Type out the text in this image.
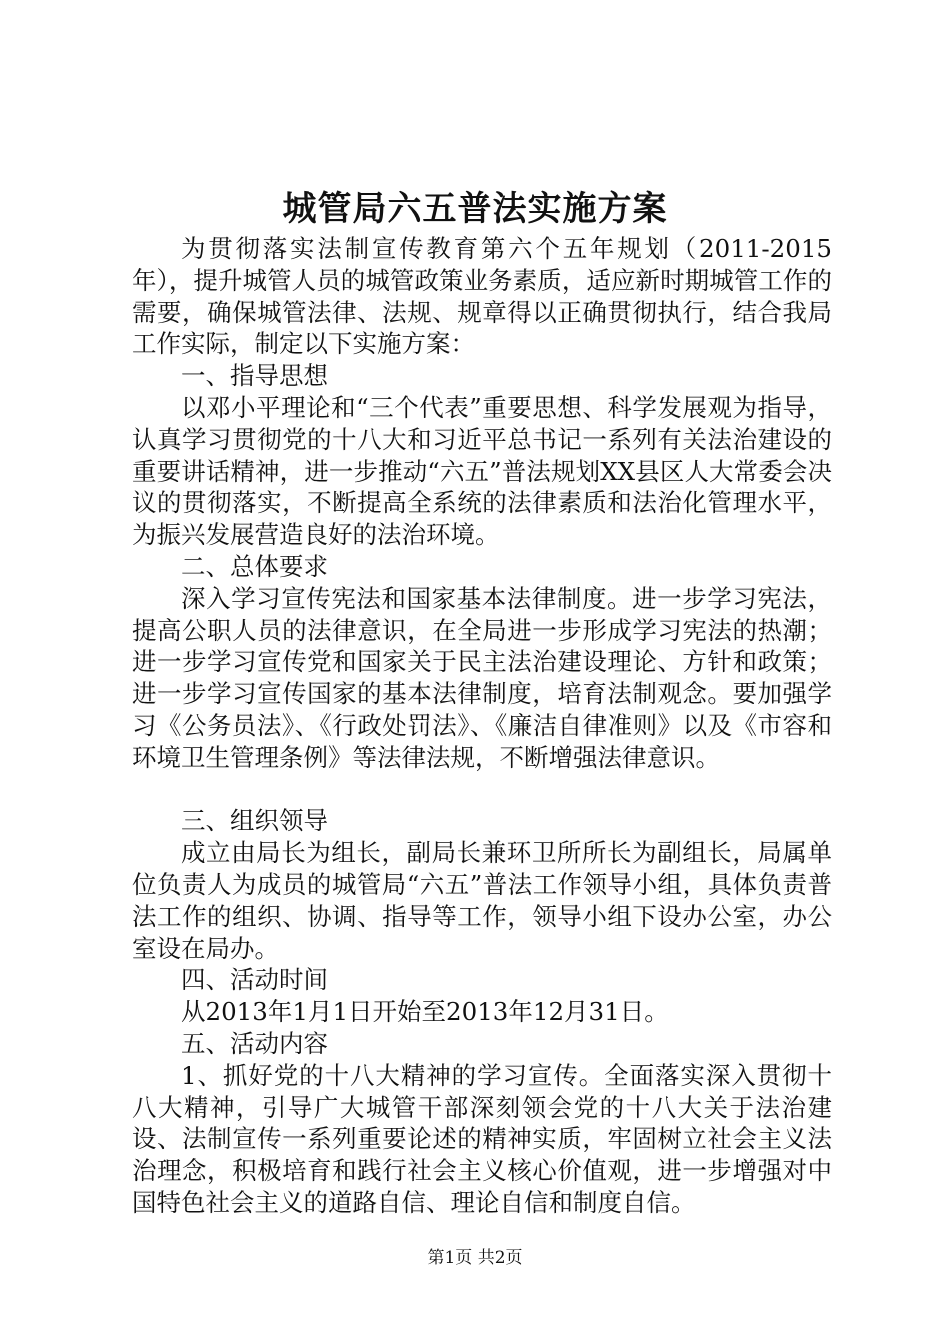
城管局六五普法实施方案

为贯彻落实法制宣传教育第六个五年规划（2011-2015年），提升城管人员的城管政策业务素质，适应新时期城管工作的需要，确保城管法律、法规、规章得以正确贯彻执行，结合我局工作实际，制定以下实施方案：

一、指导思想

以邓小平理论和“三个代表”重要思想、科学发展观为指导，认真学习贯彻党的十八大和习近平总书记一系列有关法治建设的重要讲话精神，进一步推动“六五”普法规划XX县区人大常委会决议的贯彻落实，不断提高全系统的法律素质和法治化管理水平，为振兴发展营造良好的法治环境。

二、总体要求

深入学习宣传宪法和国家基本法律制度。进一步学习宪法，提高公职人员的法律意识，在全局进一步形成学习宪法的热潮；进一步学习宣传党和国家关于民主法治建设理论、方针和政策；进一步学习宣传国家的基本法律制度，培育法制观念。要加强学习《公务员法》、《行政处罚法》、《廉洁自律准则》以及《市容和环境卫生管理条例》等法律法规，不断增强法律意识。

三、组织领导

成立由局长为组长，副局长兼环卫所所长为副组长，局属单位负责人为成员的城管局“六五”普法工作领导小组，具体负责普法工作的组织、协调、指导等工作，领导小组下设办公室，办公室设在局办。

四、活动时间

从2013年1月1日开始至2013年12月31日。

五、活动内容

1、抓好党的十八大精神的学习宣传。全面落实深入贯彻十八大精神，引导广大城管干部深刻领会党的十八大关于法治建设、法制宣传一系列重要论述的精神实质，牢固树立社会主义法治理念，积极培育和践行社会主义核心价值观，进一步增强对中国特色社会主义的道路自信、理论自信和制度自信。

第1页 共2页
